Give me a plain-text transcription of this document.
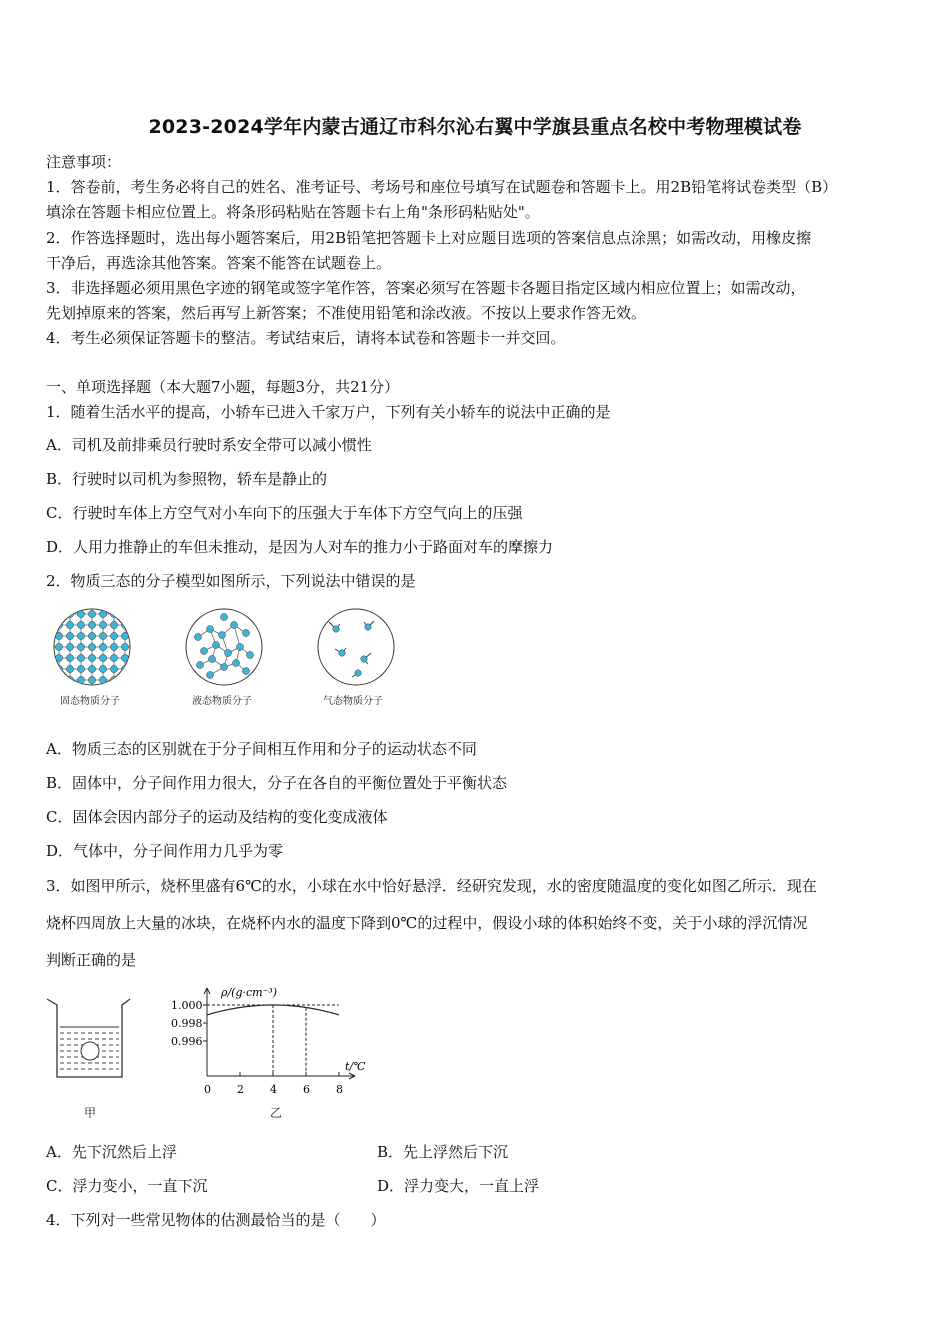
2023-2024学年内蒙古通辽市科尔沁右翼中学旗县重点名校中考物理模试卷
注意事项：
1．答卷前，考生务必将自己的姓名、准考证号、考场号和座位号填写在试题卷和答题卡上。用2B铅笔将试卷类型（B）
填涂在答题卡相应位置上。将条形码粘贴在答题卡右上角"条形码粘贴处"。
2．作答选择题时，选出每小题答案后，用2B铅笔把答题卡上对应题目选项的答案信息点涂黑；如需改动，用橡皮擦
干净后，再选涂其他答案。答案不能答在试题卷上。
3．非选择题必须用黑色字迹的钢笔或签字笔作答，答案必须写在答题卡各题目指定区域内相应位置上；如需改动，
先划掉原来的答案，然后再写上新答案；不准使用铅笔和涂改液。不按以上要求作答无效。
4．考生必须保证答题卡的整洁。考试结束后，请将本试卷和答题卡一并交回。
一、单项选择题（本大题7小题，每题3分，共21分）
1．随着生活水平的提高，小轿车已进入千家万户，下列有关小轿车的说法中正确的是
A．司机及前排乘员行驶时系安全带可以减小惯性
B．行驶时以司机为参照物，轿车是静止的
C．行驶时车体上方空气对小车向下的压强大于车体下方空气向上的压强
D．人用力推静止的车但未推动，是因为人对车的推力小于路面对车的摩擦力
2．物质三态的分子模型如图所示，下列说法中错误的是
固态物质分子	液态物质分子	气态物质分子
A．物质三态的区别就在于分子间相互作用和分子的运动状态不同
B．固体中，分子间作用力很大，分子在各自的平衡位置处于平衡状态
C．固体会因内部分子的运动及结构的变化变成液体
D．气体中，分子间作用力几乎为零
3．如图甲所示，烧杯里盛有6℃的水，小球在水中恰好悬浮．经研究发现，水的密度随温度的变化如图乙所示．现在
烧杯四周放上大量的冰块，在烧杯内水的温度下降到0℃的过程中，假设小球的体积始终不变，关于小球的浮沉情况
判断正确的是
甲
0 2 4 6 8
1.000
0.998
0.996
ρ/(g·cm⁻³)
t/℃
乙
A．先下沉然后上浮	B．先上浮然后下沉
C．浮力变小，一直下沉	D．浮力变大，一直上浮
4．下列对一些常见物体的估测最恰当的是（　　）
